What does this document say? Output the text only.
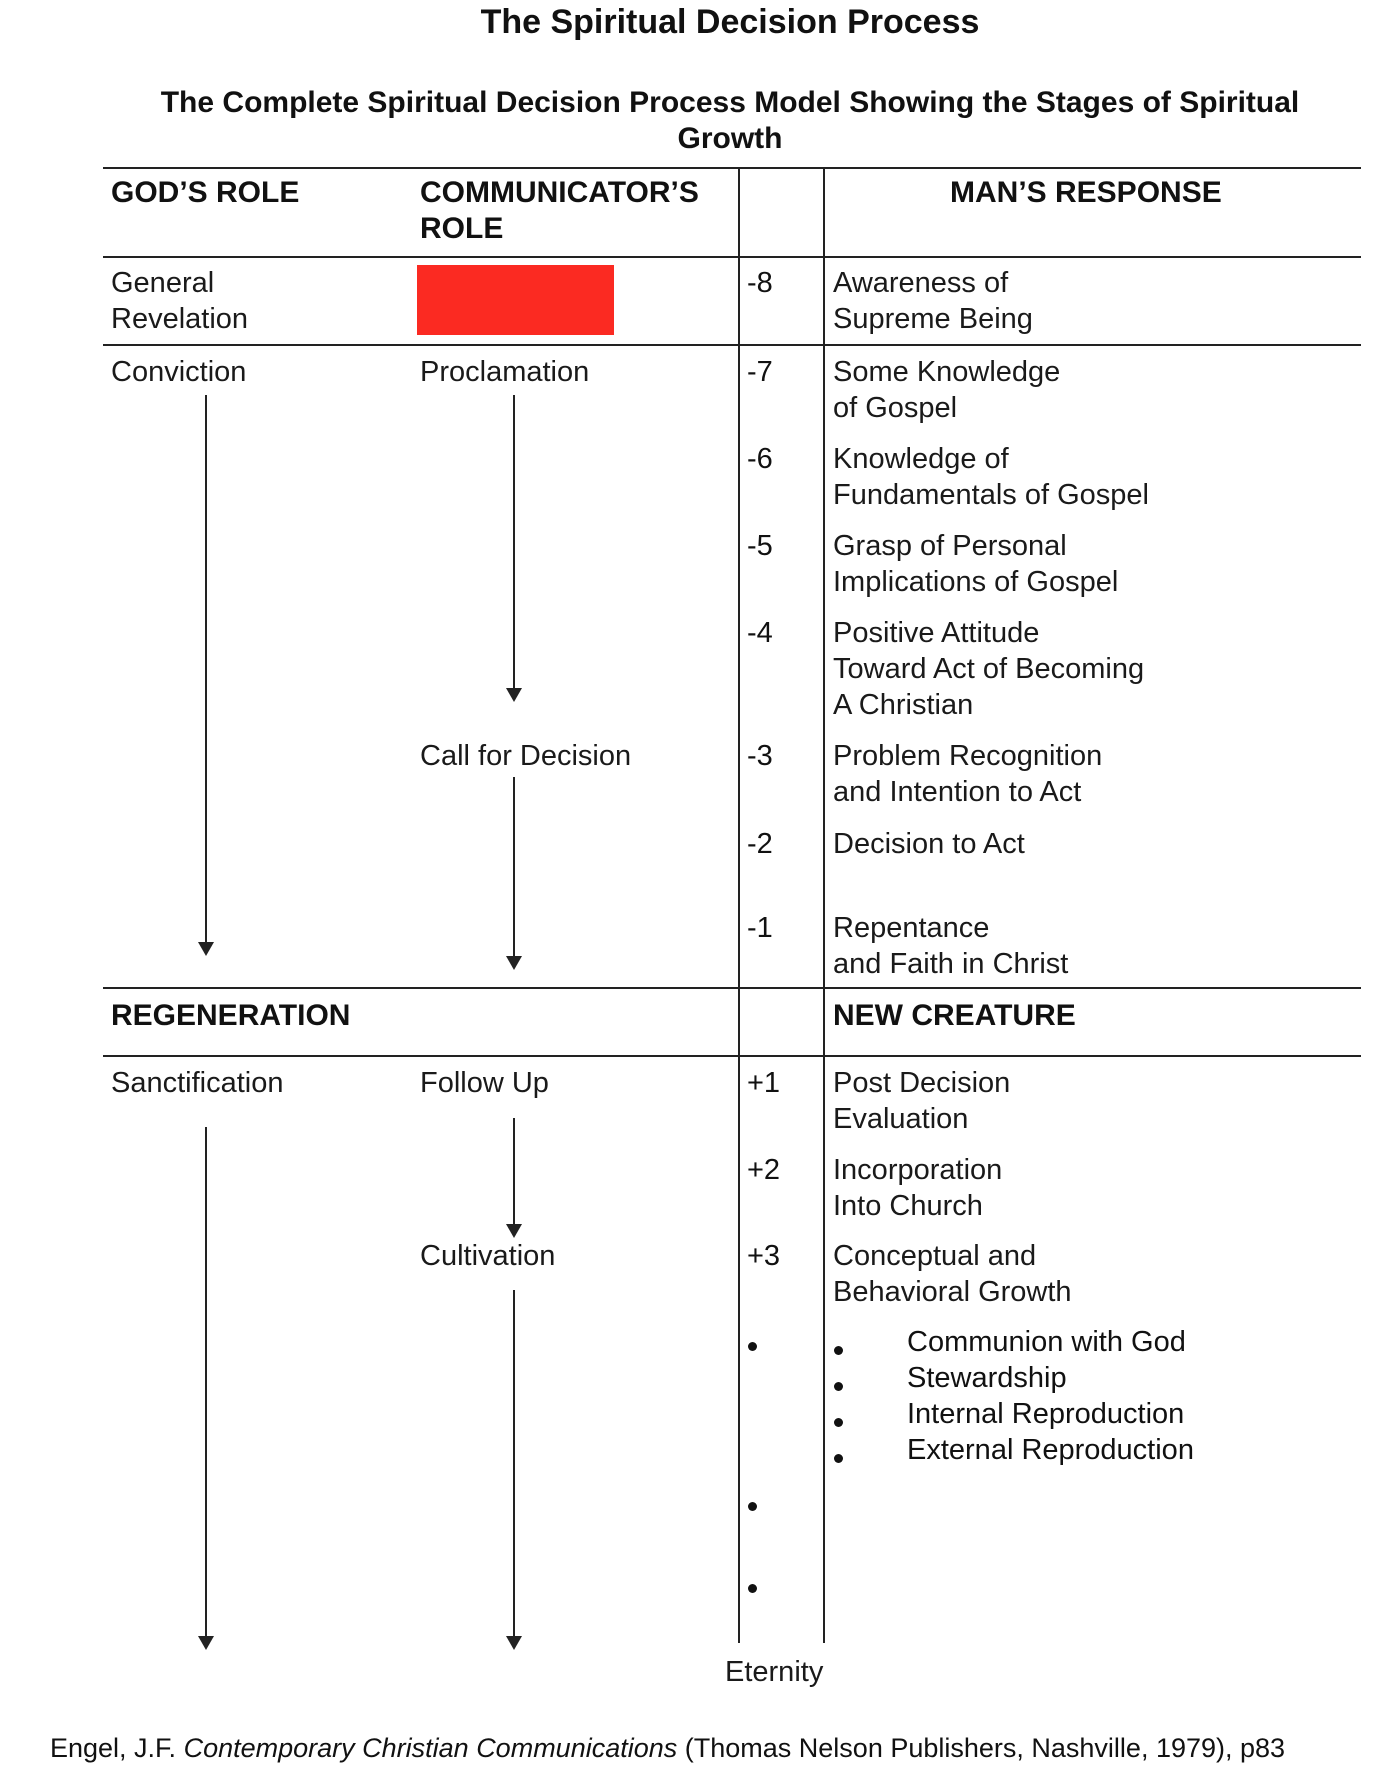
The Spiritual Decision Process
The Complete Spiritual Decision Process Model Showing the Stages of Spiritual Growth
GOD’S ROLE	COMMUNICATOR’S
ROLE
MAN’S RESPONSE
General
Revelation
Conviction
REGENERATION
Sanctification
Proclamation
Call for Decision
Follow Up
Cultivation
-8 Awareness of
Supreme Being
-7 Some Knowledge
of Gospel
-6 Knowledge of
Fundamentals of Gospel
-5 Grasp of Personal
Implications of Gospel
-4 Positive Attitude
Toward Act of Becoming
A Christian
-3 Problem Recognition
and Intention to Act
-2 Decision to Act
-1 Repentance
and Faith in Christ
NEW CREATURE
+1 Post Decision
Evaluation
+2 Incorporation
Into Church
+3 Conceptual and
Behavioral Growth
Communion with God
Stewardship
Internal Reproduction
External Reproduction
Eternity
Engel, J.F. Contemporary Christian Communications (Thomas Nelson Publishers, Nashville, 1979), p83
